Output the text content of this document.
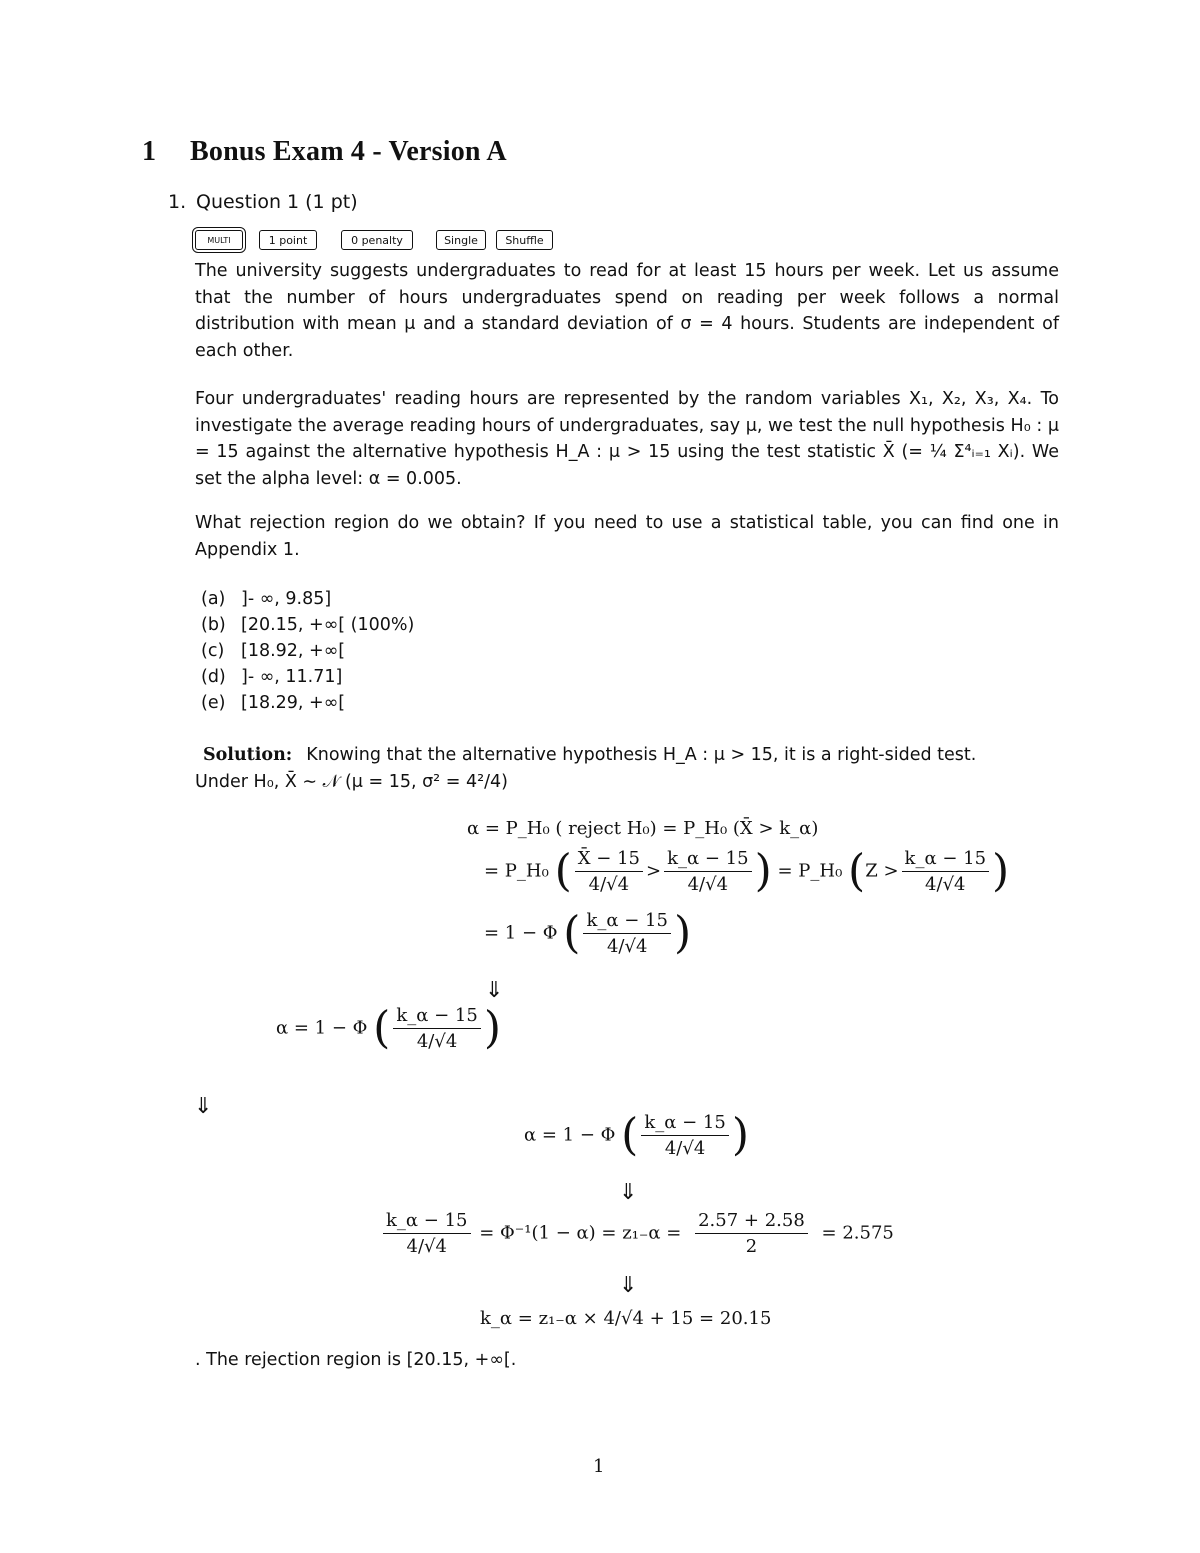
1 Bonus Exam 4 - Version A
1. Question 1 (1 pt)
MULTI	1 point	0 penalty	Single	Shuffle

The university suggests undergraduates to read for at least 15 hours per week. Let us assume that the number of hours undergraduates spend on reading per week follows a normal distribution with mean μ and a standard deviation of σ = 4 hours. Students are independent of each other.

Four undergraduates' reading hours are represented by the random variables X₁, X₂, X₃, X₄. To investigate the average reading hours of undergraduates, say μ, we test the null hypothesis H₀ : μ = 15 against the alternative hypothesis H_A : μ > 15 using the test statistic X̄ (= ¼ Σ⁴ᵢ₌₁ Xᵢ). We set the alpha level: α = 0.005.

What rejection region do we obtain? If you need to use a statistical table, you can find one in Appendix 1.

(a) ]- ∞, 9.85]
(b) [20.15, +∞[ (100%)
(c) [18.92, +∞[
(d) ]- ∞, 11.71]
(e) [18.29, +∞[
Solution: Knowing that the alternative hypothesis H_A : μ > 15, it is a right-sided test.
Under H₀, X̄ ∼ 𝒩 (μ = 15, σ² = 4²/4)
α = P_H₀ ( reject H₀) = P_H₀ (X̄ > k_α)
= P_H₀ ( $\frac{X̄ - 15}{4/√4} > \frac{k\_\alpha - 15}{4/√4}$ ) = P_H₀ ($Z > \frac{k\_\alpha - 15}{4/√4}$ )
= 1 − Φ ( $\frac{k\_\alpha - 15}{4/√4}$ )
⇓
α = 1 − Φ ( $\frac{k\_\alpha - 15}{4/√4}$ )
⇓
α = 1 − Φ ( $\frac{k\_\alpha - 15}{4/√4}$ )
⇓
$\frac{k\_\alpha - 15}{4/√4} = \Phi^{-1}(1 - \alpha) = z_{1-}\alpha = \frac{2.57 + 2.58}{2} = 2.575$
⇓
k_α = z₁₋α × 4/√4 + 15 = 20.15
. The rejection region is [20.15, +∞[.
1
